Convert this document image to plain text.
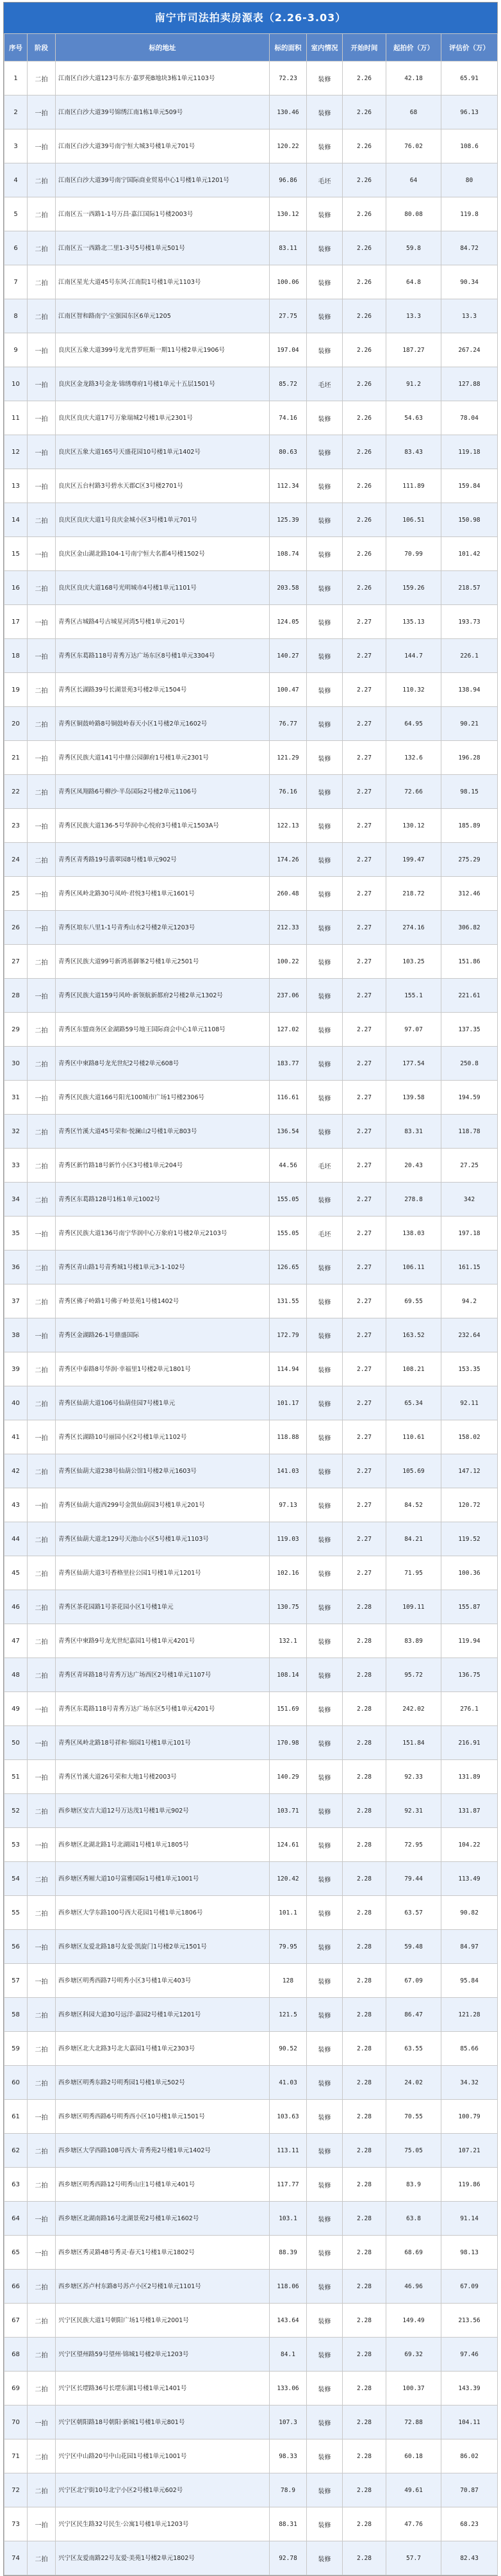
南宁市司法拍卖房源表（2.26-3.03）
序号	阶段	标的地址	标的面积	室内情况	开始时间	起拍价（万）	评估价（万）
1	二拍	江南区白沙大道123号东方·嘉罗苑B地块3栋1单元1103号	72.23	装修	2.26	42.18	65.91
2	一拍	江南区白沙大道39号锦绣江南1栋1单元509号	130.46	装修	2.26	68	96.13
3	一拍	江南区白沙大道39号南宁恒大城3号楼1单元701号	120.22	装修	2.26	76.02	108.6
4	二拍	江南区白沙大道39号南宁国际商业贸易中心1号楼1单元1201号	96.86	毛坯	2.26	64	80
5	二拍	江南区五一西路1-1号万昌·嘉江国际1号楼2003号	130.12	装修	2.26	80.08	119.8
6	二拍	江南区五一西路北二里1-3号5号楼1单元501号	83.11	装修	2.26	59.8	84.72
7	二拍	江南区星光大道45号东风·江南院1号楼1单元1103号	100.06	装修	2.26	64.8	90.34
8	二拍	江南区智和路南宁·宝强园东区6单元1205	27.75	装修	2.26	13.3	13.3
9	一拍	良庆区五象大道399号龙光普罗旺斯一期11号楼2单元1906号	197.04	装修	2.26	187.27	267.24
10	一拍	良庆区金龙路3号金龙·锦绣尊府1号楼1单元十五层1501号	85.72	毛坯	2.26	91.2	127.88
11	一拍	良庆区良庆大道17号万象瑞城2号楼1单元2301号	74.16	装修	2.26	54.63	78.04
12	一拍	良庆区五象大道165号天盛花园10号楼1单元1402号	80.63	装修	2.26	83.43	119.18
13	一拍	良庆区五台村路3号碧水天郡C区3号楼2701号	112.34	装修	2.26	111.89	159.84
14	二拍	良庆区良庆大道1号良庆金城小区3号楼1单元701号	125.39	装修	2.26	106.51	150.98
15	一拍	良庆区金山湖北路104-1号南宁恒大名都4号楼1502号	108.74	装修	2.26	70.99	101.42
16	二拍	良庆区良庆大道168号光明城市4号楼1单元1101号	203.58	装修	2.26	159.26	218.57
17	一拍	青秀区古城路4号古城星河湾5号楼1单元201号	124.05	装修	2.27	135.13	193.73
18	一拍	青秀区东葛路118号青秀万达广场东区8号楼1单元3304号	140.27	装修	2.27	144.7	226.1
19	二拍	青秀区长湖路39号长湖景苑3号楼2单元1504号	100.47	装修	2.27	110.32	138.94
20	二拍	青秀区铜鼓岭路8号铜鼓岭春天小区1号楼2单元1602号	76.77	装修	2.27	64.95	90.21
21	一拍	青秀区民族大道141号中鼎公园御府1号楼1单元2301号	121.29	装修	2.27	132.6	196.28
22	二拍	青秀区凤翔路6号柳沙·半岛国际2号楼2单元1106号	76.16	装修	2.27	72.66	98.15
23	一拍	青秀区民族大道136-5号华润中心悦府3号楼1单元1503A号	122.13	装修	2.27	130.12	185.89
24	二拍	青秀区青秀路19号翡翠园8号楼1单元902号	174.26	装修	2.27	199.47	275.29
25	一拍	青秀区凤岭北路30号凤岭·君悦3号楼1单元1601号	260.48	装修	2.27	218.72	312.46
26	一拍	青秀区埌东八里1-1号青秀山水2号楼2单元1203号	212.33	装修	2.27	274.16	306.82
27	二拍	青秀区民族大道99号新鸿基御峯2号楼1单元2501号	100.22	装修	2.27	103.25	151.86
28	一拍	青秀区民族大道159号风岭·新领航新都府2号楼2单元1302号	237.06	装修	2.27	155.1	221.61
29	二拍	青秀区东盟商务区金湖路59号地王国际商会中心1单元1108号	127.02	装修	2.27	97.07	137.35
30	二拍	青秀区中柬路8号龙光世纪2号楼2单元608号	183.77	装修	2.27	177.54	250.8
31	一拍	青秀区民族大道166号阳光100城市广场1号楼2306号	116.61	装修	2.27	139.58	194.59
32	二拍	青秀区竹溪大道45号荣和·悦澜山2号楼1单元803号	136.54	装修	2.27	83.31	118.78
33	二拍	青秀区新竹路18号新竹小区3号楼1单元204号	44.56	毛坯	2.27	20.43	27.25
34	二拍	青秀区东葛路128号1栋1单元1002号	155.05	装修	2.27	278.8	342
35	一拍	青秀区民族大道136号南宁华润中心万象府1号楼2单元2103号	155.05	毛坯	2.27	138.03	197.18
36	二拍	青秀区青山路1号青秀城1号楼1单元3-1-102号	126.65	装修	2.27	106.11	161.15
37	二拍	青秀区佛子岭路1号佛子岭景苑1号楼1402号	131.55	装修	2.27	69.55	94.2
38	一拍	青秀区金湖路26-1号鼎盛国际	172.79	装修	2.27	163.52	232.64
39	二拍	青秀区中泰路8号华润·幸福里1号楼2单元1801号	114.94	装修	2.27	108.21	153.35
40	二拍	青秀区仙葫大道106号仙葫佳园7号楼1单元	101.17	装修	2.27	65.34	92.11
41	一拍	青秀区长湖路10号丽园小区2号楼1单元1102号	118.88	装修	2.27	110.61	158.02
42	二拍	青秀区仙葫大道238号仙葫公馆1号楼2单元1603号	141.03	装修	2.27	105.69	147.12
43	一拍	青秀区仙葫大道西299号金凯仙葫园3号楼1单元201号	97.13	装修	2.27	84.52	120.72
44	二拍	青秀区仙葫大道北129号天池山小区5号楼1单元1103号	119.03	装修	2.27	84.21	119.52
45	二拍	青秀区仙葫大道3号香格里拉公园1号楼1单元1201号	102.16	装修	2.27	71.95	100.36
46	二拍	青秀区茶花园路1号茶花园小区1号楼1单元	130.75	装修	2.28	109.11	155.87
47	二拍	青秀区中柬路9号龙光世纪嘉园1号楼1单元4201号	132.1	装修	2.28	83.89	119.94
48	二拍	青秀区青环路18号青秀万达广场西区2号楼1单元1107号	108.14	装修	2.28	95.72	136.75
49	一拍	青秀区东葛路118号青秀万达广场东区5号楼1单元4201号	151.69	装修	2.28	242.02	276.1
50	一拍	青秀区凤岭北路18号祥和·锦园1号楼1单元101号	170.98	装修	2.28	151.84	216.91
51	一拍	青秀区竹溪大道26号荣和大地1号楼2003号	140.29	装修	2.28	92.33	131.89
52	二拍	西乡塘区安吉大道12号万达茂1号楼1单元902号	103.71	装修	2.28	92.31	131.87
53	一拍	西乡塘区北湖北路1号北湖园1号楼1单元1805号	124.61	装修	2.28	72.95	104.22
54	二拍	西乡塘区秀厢大道10号富雅国际1号楼1单元1001号	120.42	装修	2.28	79.44	113.49
55	二拍	西乡塘区大学东路100号西大花园1号楼1单元1806号	101.1	装修	2.28	63.57	90.82
56	一拍	西乡塘区友爱北路18号友爱·凯旋门1号楼2单元1501号	79.95	装修	2.28	59.48	84.97
57	一拍	西乡塘区明秀西路7号明秀小区3号楼1单元403号	128	装修	2.28	67.09	95.84
58	二拍	西乡塘区科园大道30号远洋·嘉园2号楼1单元1201号	121.5	装修	2.28	86.47	121.28
59	二拍	西乡塘区北大北路3号北大嘉园1号楼1单元2303号	90.52	装修	2.28	63.55	85.66
60	二拍	西乡塘区明秀东路2号明秀园1号楼1单元502号	41.03	装修	2.28	24.02	34.32
61	一拍	西乡塘区明秀西路6号明秀西小区10号楼1单元1501号	103.63	装修	2.28	70.55	100.79
62	二拍	西乡塘区大学西路108号西大·青秀苑2号楼1单元1402号	113.11	装修	2.28	75.05	107.21
63	二拍	西乡塘区明秀西路12号明秀山庄1号楼1单元401号	117.77	装修	2.28	83.9	119.86
64	一拍	西乡塘区北湖南路16号北湖景苑2号楼1单元1602号	103.1	装修	2.28	63.8	91.14
65	一拍	西乡塘区秀灵路48号秀灵·春天1号楼1单元1802号	88.39	装修	2.28	68.69	98.13
66	二拍	西乡塘区苏卢村东路8号苏卢小区2号楼1单元1101号	118.06	装修	2.28	46.96	67.09
67	二拍	兴宁区民族大道1号朝阳广场1号楼1单元2001号	143.64	装修	2.28	149.49	213.56
68	二拍	兴宁区望州路59号望州·锦城1号楼2单元1203号	84.1	装修	2.28	69.32	97.46
69	二拍	兴宁区长堽路36号长堽东湖1号楼1单元1401号	133.06	装修	2.28	100.37	143.39
70	一拍	兴宁区朝阳路18号朝阳·新城1号楼1单元801号	107.3	装修	2.28	72.88	104.11
71	二拍	兴宁区中山路20号中山花园1号楼1单元1001号	98.33	装修	2.28	60.18	86.02
72	二拍	兴宁区北宁街10号北宁小区2号楼1单元602号	78.9	装修	2.28	49.61	70.87
73	一拍	兴宁区民生路32号民生·公寓1号楼1单元1203号	88.31	装修	2.28	47.76	68.23
74	二拍	兴宁区友爱南路22号友爱·美苑1号楼2单元1802号	92.78	装修	2.28	57.7	82.43
